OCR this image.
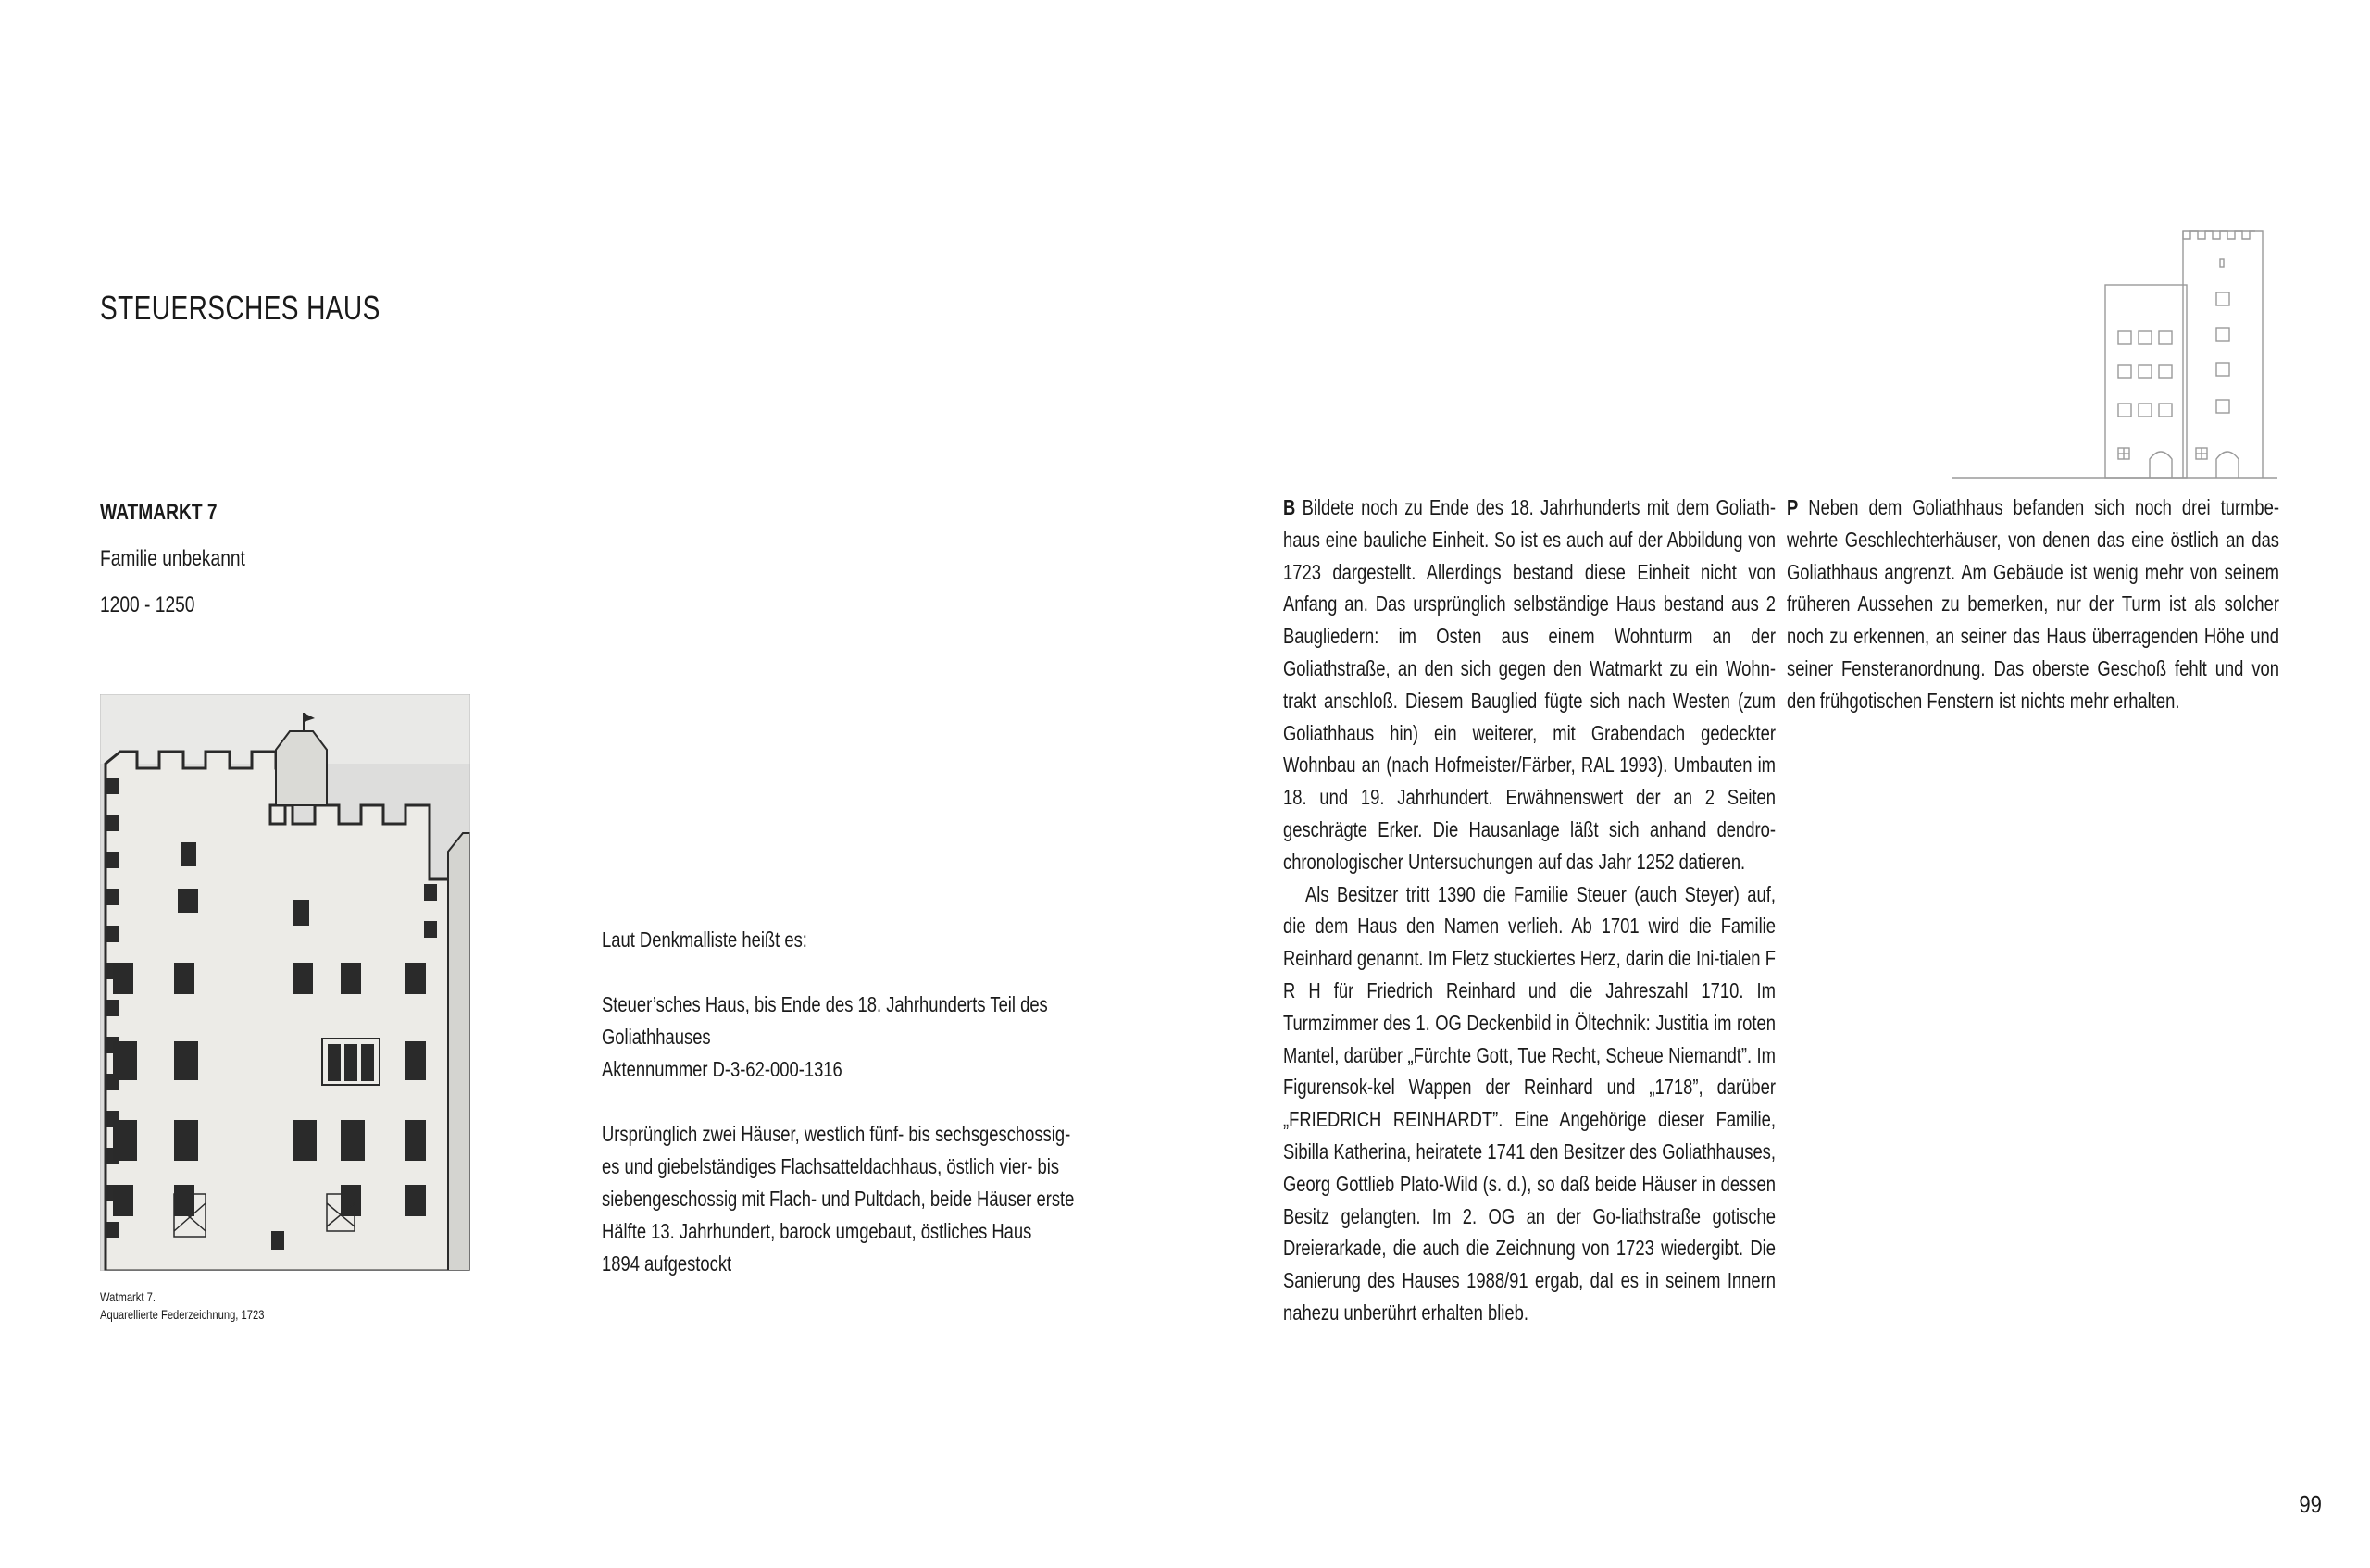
STEUERSCHES HAUS
WATMARKT 7
Familie unbekannt
1200 - 1250
Watmarkt 7.
Aquarellierte Federzeichnung, 1723

Laut Denkmalliste heißt es:

Steuer’sches Haus, bis Ende des 18. Jahrhunderts Teil des

Goliathhauses

Aktennummer D-3-62-000-1316

Ursprünglich zwei Häuser, westlich fünf- bis sechsgeschossig-

es und giebelständiges Flachsatteldachhaus, östlich vier- bis

siebengeschossig mit Flach- und Pultdach, beide Häuser erste

Hälfte 13. Jahrhundert, barock umgebaut, östliches Haus

1894 aufgestockt

B Bildete noch zu Ende des 18. Jahrhunderts mit dem Goliath-haus eine bauliche Einheit. So ist es auch auf der Abbildung von 1723 dargestellt. Allerdings bestand diese Einheit nicht von Anfang an. Das ursprünglich selbständige Haus bestand aus 2 Baugliedern: im Osten aus einem Wohnturm an der Goliathstraße, an den sich gegen den Watmarkt zu ein Wohn-trakt anschloß. Diesem Bauglied fügte sich nach Westen (zum Goliathhaus hin) ein weiterer, mit Grabendach gedeckter Wohnbau an (nach Hofmeister/Färber, RAL 1993). Umbauten im 18. und 19. Jahrhundert. Erwähnenswert der an 2 Seiten geschrägte Erker. Die Hausanlage läßt sich anhand dendro-chronologischer Untersuchungen auf das Jahr 1252 datieren.

Als Besitzer tritt 1390 die Familie Steuer (auch Steyer) auf, die dem Haus den Namen verlieh. Ab 1701 wird die Familie Reinhard genannt. Im Fletz stuckiertes Herz, darin die Ini-tialen F R H für Friedrich Reinhard und die Jahreszahl 1710. Im Turmzimmer des 1. OG Deckenbild in Öltechnik: Justitia im roten Mantel, darüber „Fürchte Gott, Tue Recht, Scheue Niemandt”. Im Figurensok-kel Wappen der Reinhard und „1718”, darüber „FRIEDRICH REINHARDT”. Eine Angehörige dieser Familie, Sibilla Katherina, heiratete 1741 den Besitzer des Goliathhauses, Georg Gottlieb Plato-Wild (s. d.), so daß beide Häuser in dessen Besitz gelangten. Im 2. OG an der Go-liathstraße gotische Dreierarkade, die auch die Zeichnung von 1723 wiedergibt. Die Sanierung des Hauses 1988/91 ergab, daI es in seinem Innern nahezu unberührt erhalten blieb.

P Neben dem Goliathhaus befanden sich noch drei turmbe-wehrte Geschlechterhäuser, von denen das eine östlich an das Goliathhaus angrenzt. Am Gebäude ist wenig mehr von seinem früheren Aussehen zu bemerken, nur der Turm ist als solcher noch zu erkennen, an seiner das Haus überragenden Höhe und seiner Fensteranordnung. Das oberste Geschoß fehlt und von den frühgotischen Fenstern ist nichts mehr erhalten.

99
